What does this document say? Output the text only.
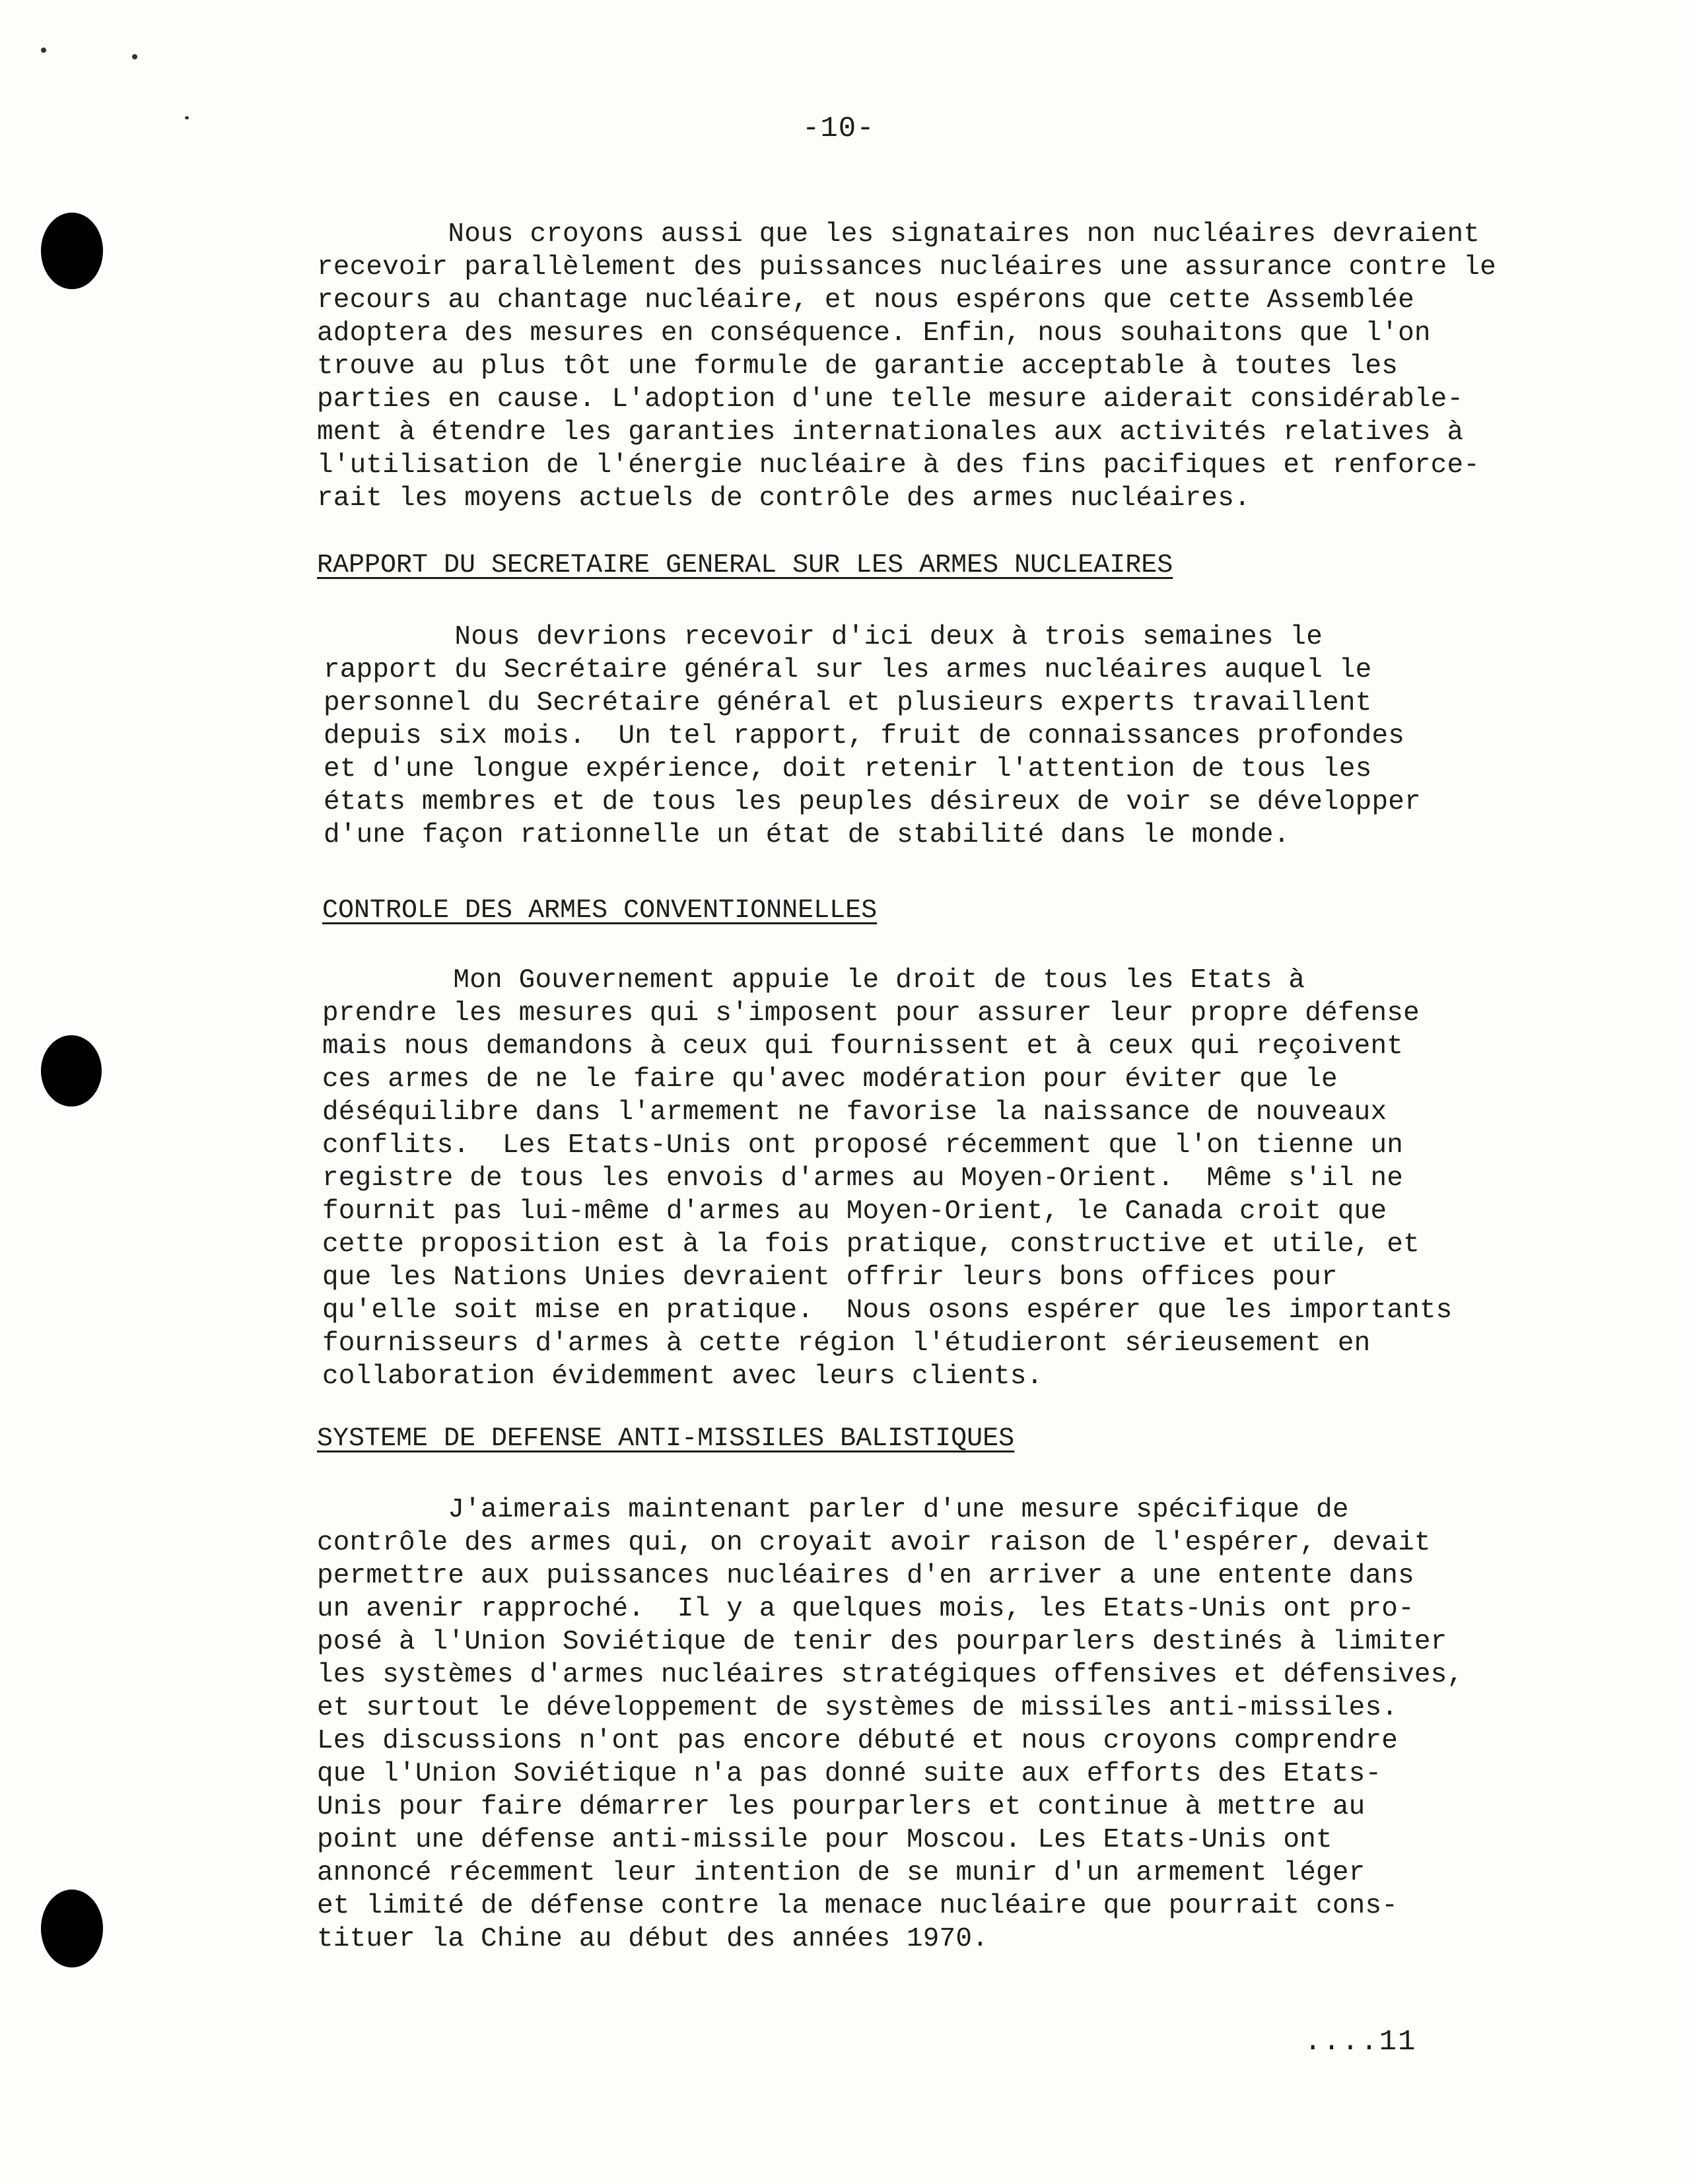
-10-

Nous croyons aussi que les signataires non nucléaires devraient
recevoir parallèlement des puissances nucléaires une assurance contre le
recours au chantage nucléaire, et nous espérons que cette Assemblée
adoptera des mesures en conséquence. Enfin, nous souhaitons que l'on
trouve au plus tôt une formule de garantie acceptable à toutes les
parties en cause. L'adoption d'une telle mesure aiderait considérable-
ment à étendre les garanties internationales aux activités relatives à
l'utilisation de l'énergie nucléaire à des fins pacifiques et renforce-
rait les moyens actuels de contrôle des armes nucléaires.

RAPPORT DU SECRETAIRE GENERAL SUR LES ARMES NUCLEAIRES

Nous devrions recevoir d'ici deux à trois semaines le
rapport du Secrétaire général sur les armes nucléaires auquel le
personnel du Secrétaire général et plusieurs experts travaillent
depuis six mois.  Un tel rapport, fruit de connaissances profondes
et d'une longue expérience, doit retenir l'attention de tous les
états membres et de tous les peuples désireux de voir se développer
d'une façon rationnelle un état de stabilité dans le monde.

CONTROLE DES ARMES CONVENTIONNELLES

Mon Gouvernement appuie le droit de tous les Etats à
prendre les mesures qui s'imposent pour assurer leur propre défense
mais nous demandons à ceux qui fournissent et à ceux qui reçoivent
ces armes de ne le faire qu'avec modération pour éviter que le
déséquilibre dans l'armement ne favorise la naissance de nouveaux
conflits.  Les Etats-Unis ont proposé récemment que l'on tienne un
registre de tous les envois d'armes au Moyen-Orient.  Même s'il ne
fournit pas lui-même d'armes au Moyen-Orient, le Canada croit que
cette proposition est à la fois pratique, constructive et utile, et
que les Nations Unies devraient offrir leurs bons offices pour
qu'elle soit mise en pratique.  Nous osons espérer que les importants
fournisseurs d'armes à cette région l'étudieront sérieusement en
collaboration évidemment avec leurs clients.

SYSTEME DE DEFENSE ANTI-MISSILES BALISTIQUES

J'aimerais maintenant parler d'une mesure spécifique de
contrôle des armes qui, on croyait avoir raison de l'espérer, devait
permettre aux puissances nucléaires d'en arriver a une entente dans
un avenir rapproché.  Il y a quelques mois, les Etats-Unis ont pro-
posé à l'Union Soviétique de tenir des pourparlers destinés à limiter
les systèmes d'armes nucléaires stratégiques offensives et défensives,
et surtout le développement de systèmes de missiles anti-missiles.
Les discussions n'ont pas encore débuté et nous croyons comprendre
que l'Union Soviétique n'a pas donné suite aux efforts des Etats-
Unis pour faire démarrer les pourparlers et continue à mettre au
point une défense anti-missile pour Moscou. Les Etats-Unis ont
annoncé récemment leur intention de se munir d'un armement léger
et limité de défense contre la menace nucléaire que pourrait cons-
tituer la Chine au début des années 1970.

....11
